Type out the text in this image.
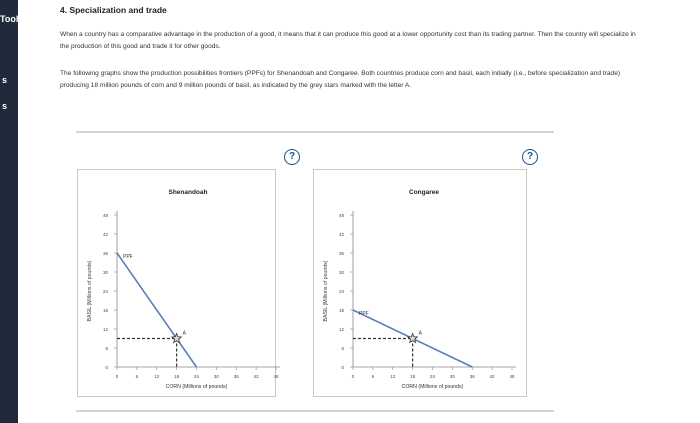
Tools
s
s
4. Specialization and trade
When a country has a comparative advantage in the production of a good, it means that it can produce this good at a lower opportunity cost than its trading partner. Then the country will specialize in the production of this good and trade it for other goods.
The following graphs show the production possibilities frontiers (PPFs) for Shenandoah and Congaree. Both countries produce corn and basil, each initially (i.e., before specialization and trade) producing 18 million pounds of corn and 9 million pounds of basil, as indicated by the grey stars marked with the letter A.
?	?
Shenandoah
0
6
12
18
24
30
36
42
48
0	6	12	18	24	30	36	42	48
CORN (Millions of pounds)
BASIL (Millions of pounds)
PPF
A
Congaree
0
6
12
18
24
30
36
42
48
0	6	12	18	24	30	36	42	48
CORN (Millions of pounds)
BASIL (Millions of pounds)	PPF
A
